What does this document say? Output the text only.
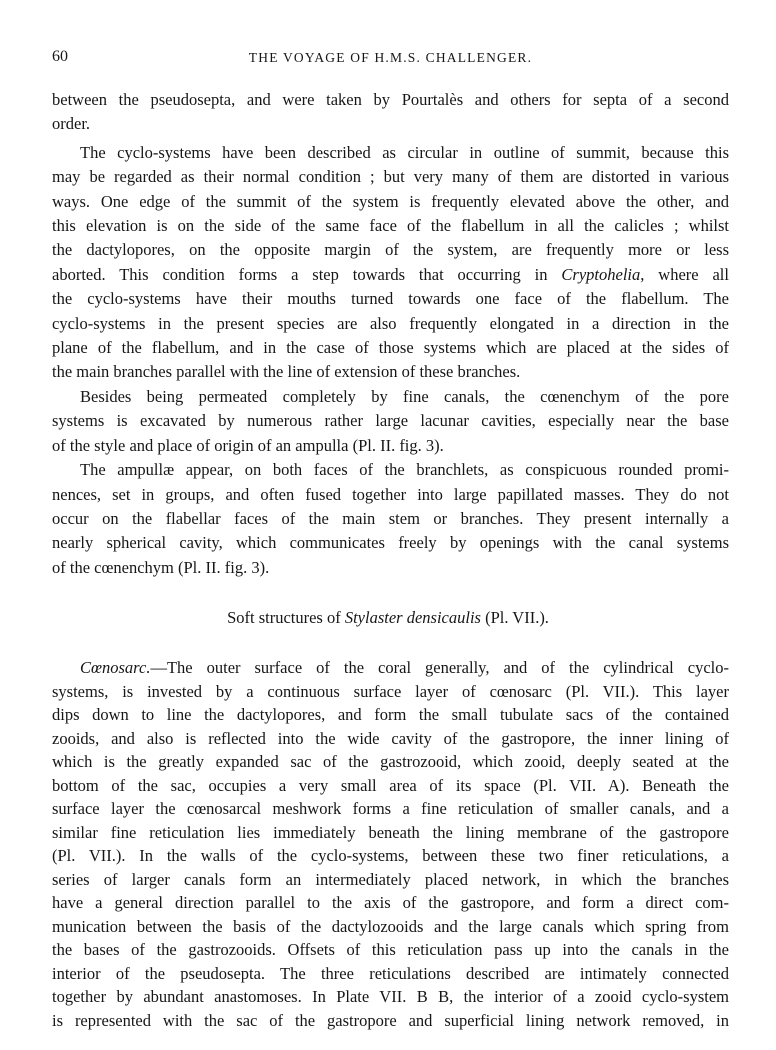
60	THE VOYAGE OF H.M.S. CHALLENGER.
between the pseudosepta, and were taken by Pourtalès and others for septa of a second
order.
The cyclo-systems have been described as circular in outline of summit, because this
may be regarded as their normal condition ; but very many of them are distorted in various
ways. One edge of the summit of the system is frequently elevated above the other, and
this elevation is on the side of the same face of the flabellum in all the calicles ; whilst
the dactylopores, on the opposite margin of the system, are frequently more or less
aborted. This condition forms a step towards that occurring in Cryptohelia, where all
the cyclo-systems have their mouths turned towards one face of the flabellum. The
cyclo-systems in the present species are also frequently elongated in a direction in the
plane of the flabellum, and in the case of those systems which are placed at the sides of
the main branches parallel with the line of extension of these branches.
Besides being permeated completely by fine canals, the cœnenchym of the pore
systems is excavated by numerous rather large lacunar cavities, especially near the base
of the style and place of origin of an ampulla (Pl. II. fig. 3).
The ampullæ appear, on both faces of the branchlets, as conspicuous rounded promi-
nences, set in groups, and often fused together into large papillated masses. They do not
occur on the flabellar faces of the main stem or branches. They present internally a
nearly spherical cavity, which communicates freely by openings with the canal systems
of the cœnenchym (Pl. II. fig. 3).
Soft structures of Stylaster densicaulis (Pl. VII.).
Cœnosarc.—The outer surface of the coral generally, and of the cylindrical cyclo-
systems, is invested by a continuous surface layer of cœnosarc (Pl. VII.). This layer
dips down to line the dactylopores, and form the small tubulate sacs of the contained
zooids, and also is reflected into the wide cavity of the gastropore, the inner lining of
which is the greatly expanded sac of the gastrozooid, which zooid, deeply seated at the
bottom of the sac, occupies a very small area of its space (Pl. VII. A). Beneath the
surface layer the cœnosarcal meshwork forms a fine reticulation of smaller canals, and a
similar fine reticulation lies immediately beneath the lining membrane of the gastropore
(Pl. VII.). In the walls of the cyclo-systems, between these two finer reticulations, a
series of larger canals form an intermediately placed network, in which the branches
have a general direction parallel to the axis of the gastropore, and form a direct com-
munication between the basis of the dactylozooids and the large canals which spring from
the bases of the gastrozooids. Offsets of this reticulation pass up into the canals in the
interior of the pseudosepta. The three reticulations described are intimately connected
together by abundant anastomoses. In Plate VII. B B, the interior of a zooid cyclo-system
is represented with the sac of the gastropore and superficial lining network removed, in
